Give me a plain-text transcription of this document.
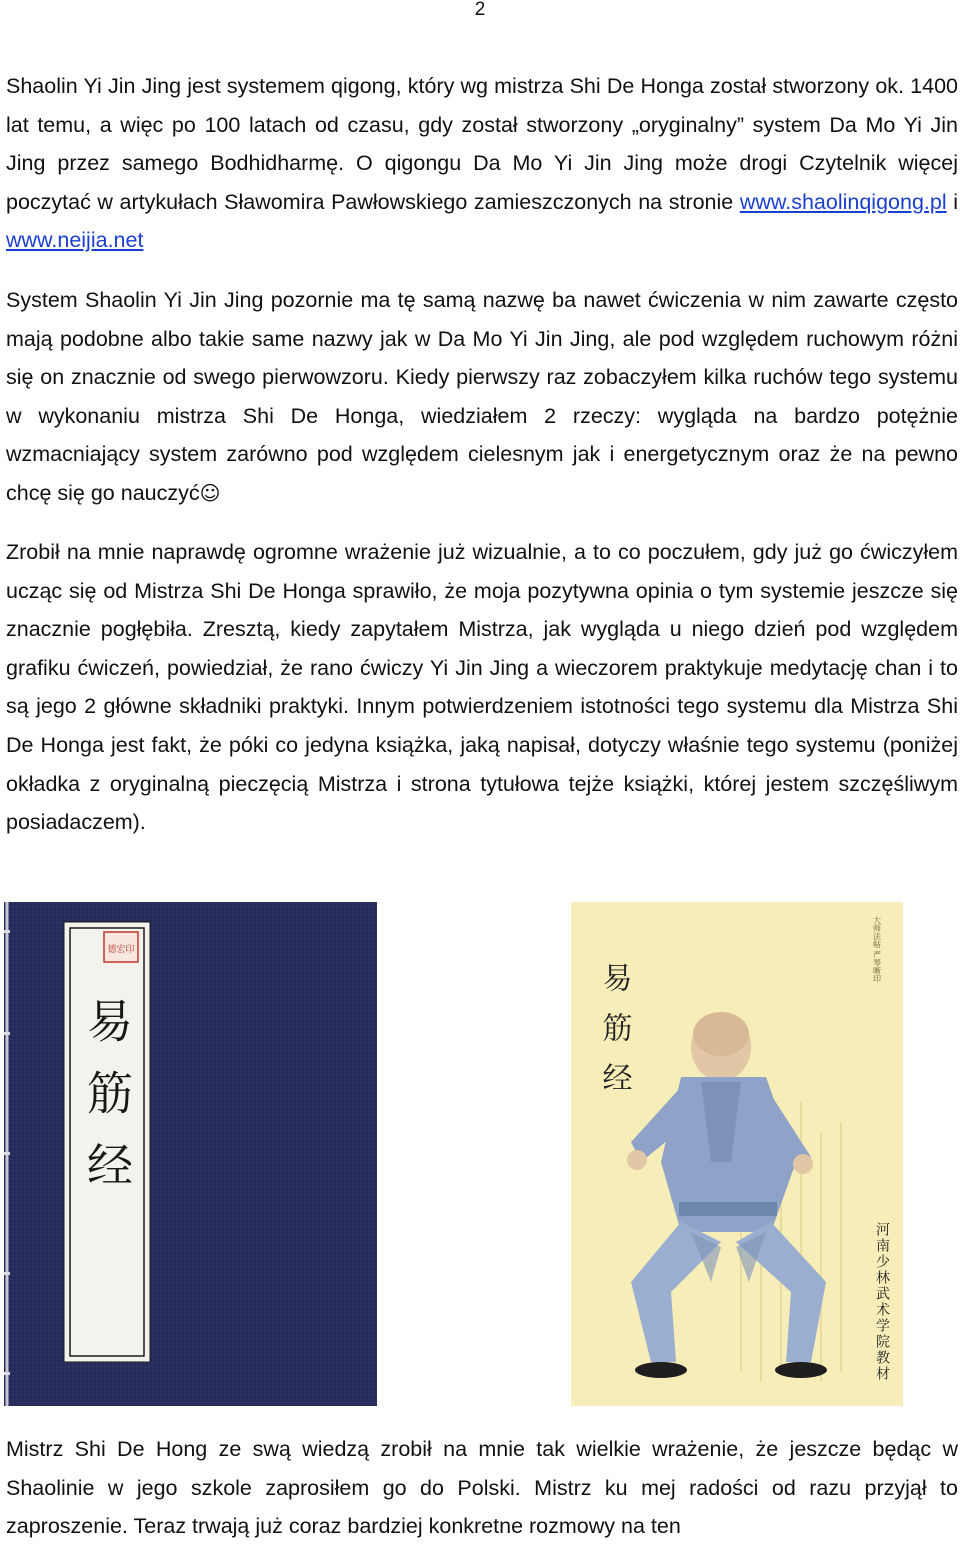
2

Shaolin Yi Jin Jing jest systemem qigong, który wg mistrza Shi De Honga został stworzony ok. 1400 lat temu, a więc po 100 latach od czasu, gdy został stworzony „oryginalny” system Da Mo Yi Jin Jing przez samego Bodhidharmę. O qigongu Da Mo Yi Jin Jing może drogi Czytelnik więcej poczytać w artykułach Sławomira Pawłowskiego zamieszczonych na stronie www.shaolinqigong.pl i www.neijia.net

System Shaolin Yi Jin Jing pozornie ma tę samą nazwę ba nawet ćwiczenia w nim zawarte często mają podobne albo takie same nazwy jak w Da Mo Yi Jin Jing, ale pod względem ruchowym różni się on znacznie od swego pierwowzoru. Kiedy pierwszy raz zobaczyłem kilka ruchów tego systemu w wykonaniu mistrza Shi De Honga, wiedziałem 2 rzeczy: wygląda na bardzo potężnie wzmacniający system zarówno pod względem cielesnym jak i energetycznym oraz że na pewno chcę się go nauczyć☺

Zrobił na mnie naprawdę ogromne wrażenie już wizualnie, a to co poczułem, gdy już go ćwiczyłem ucząc się od Mistrza Shi De Honga sprawiło, że moja pozytywna opinia o tym systemie jeszcze się znacznie pogłębiła. Zresztą, kiedy zapytałem Mistrza, jak wygląda u niego dzień pod względem grafiku ćwiczeń, powiedział, że rano ćwiczy Yi Jin Jing a wieczorem praktykuje medytację chan i to są jego 2 główne składniki praktyki. Innym potwierdzeniem istotności tego systemu dla Mistrza Shi De Honga jest fakt, że póki co jedyna książka, jaką napisał, dotyczy właśnie tego systemu (poniżej okładka z oryginalną pieczęcią Mistrza i strona tytułowa tejże książki, której jestem szczęśliwym posiadaczem).

德宏印
易筋经
大师法帖 严琴晰印
易筋经
河南少林武术学院教材

Mistrz Shi De Hong ze swą wiedzą zrobił na mnie tak wielkie wrażenie, że jeszcze będąc w Shaolinie w jego szkole zaprosiłem go do Polski. Mistrz ku mej radości od razu przyjął to zaproszenie. Teraz trwają już coraz bardziej konkretne rozmowy na ten
